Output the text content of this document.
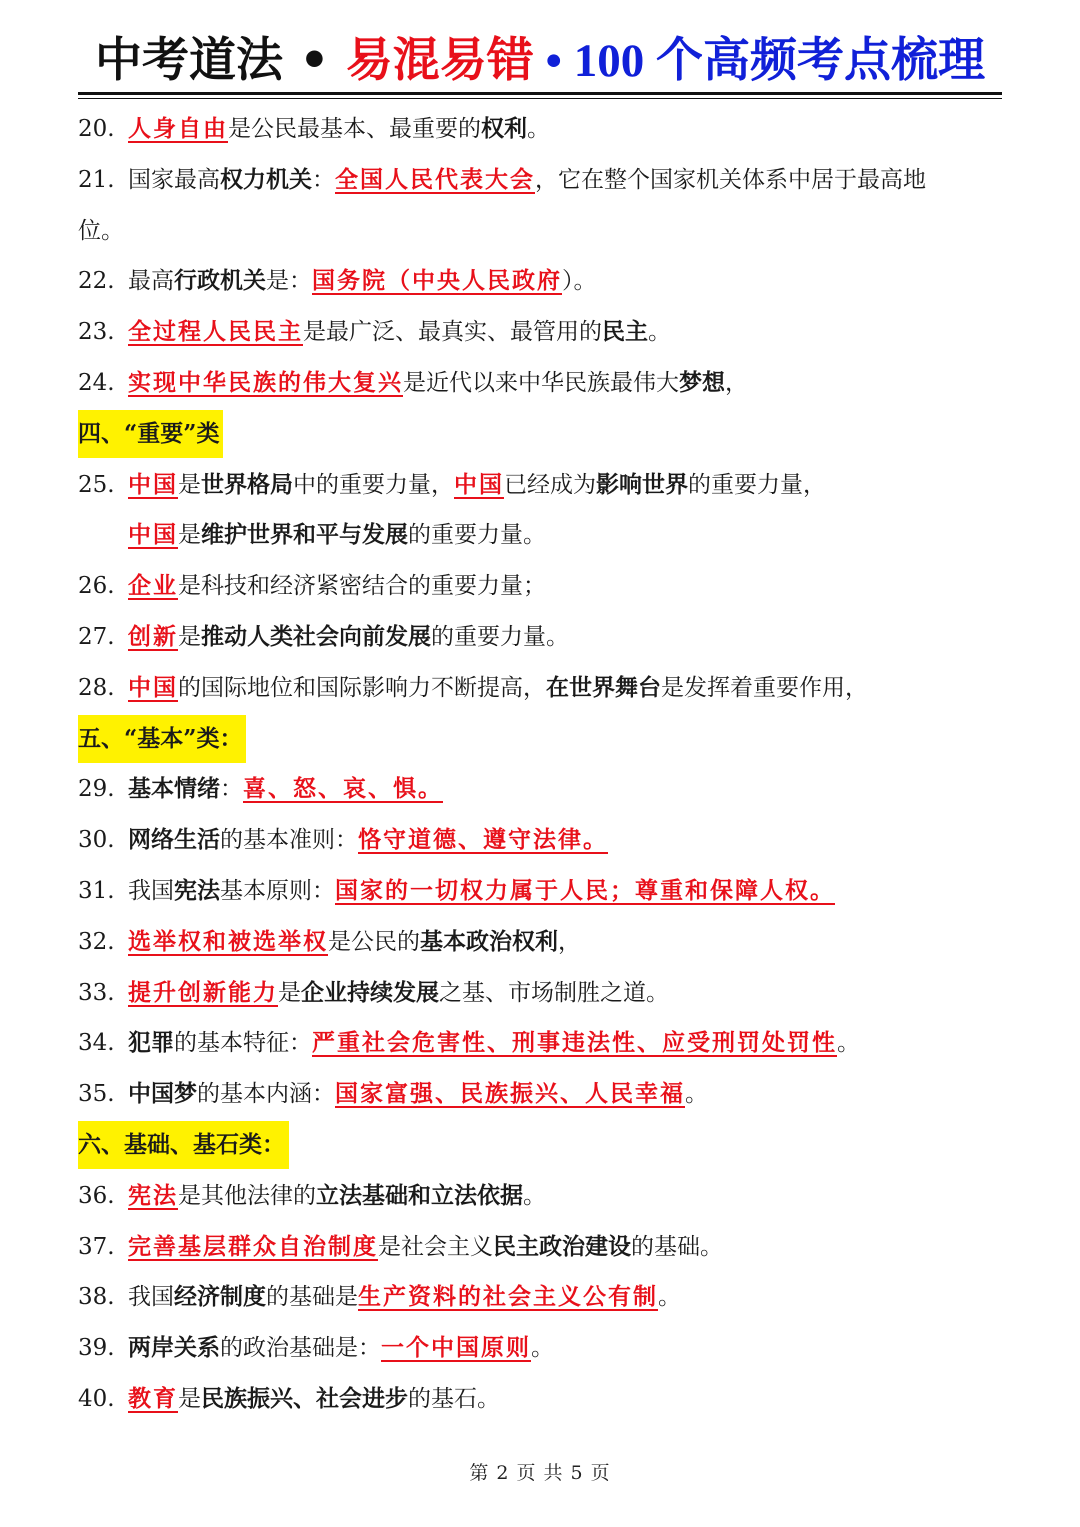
中考道法 • 易混易错 • 100 个高频考点梳理
20. 人身自由是公民最基本、最重要的权利。
21. 国家最高权力机关：全国人民代表大会，它在整个国家机关体系中居于最高地
位。
22. 最高行政机关是：国务院（中央人民政府）。
23. 全过程人民民主是最广泛、最真实、最管用的民主。
24. 实现中华民族的伟大复兴是近代以来中华民族最伟大梦想，
四、“重要”类
25. 中国是世界格局中的重要力量，中国已经成为影响世界的重要力量，
中国是维护世界和平与发展的重要力量。
26. 企业是科技和经济紧密结合的重要力量；
27. 创新是推动人类社会向前发展的重要力量。
28. 中国的国际地位和国际影响力不断提高，在世界舞台是发挥着重要作用，
五、“基本”类：
29. 基本情绪：喜、怒、哀、惧。
30. 网络生活的基本准则：恪守道德、遵守法律。
31. 我国宪法基本原则：国家的一切权力属于人民；尊重和保障人权。
32. 选举权和被选举权是公民的基本政治权利，
33. 提升创新能力是企业持续发展之基、市场制胜之道。
34. 犯罪的基本特征：严重社会危害性、刑事违法性、应受刑罚处罚性。
35. 中国梦的基本内涵：国家富强、民族振兴、人民幸福。
六、基础、基石类：
36. 宪法是其他法律的立法基础和立法依据。
37. 完善基层群众自治制度是社会主义民主政治建设的基础。
38. 我国经济制度的基础是生产资料的社会主义公有制。
39. 两岸关系的政治基础是：一个中国原则。
40. 教育是民族振兴、社会进步的基石。
第 2 页 共 5 页
